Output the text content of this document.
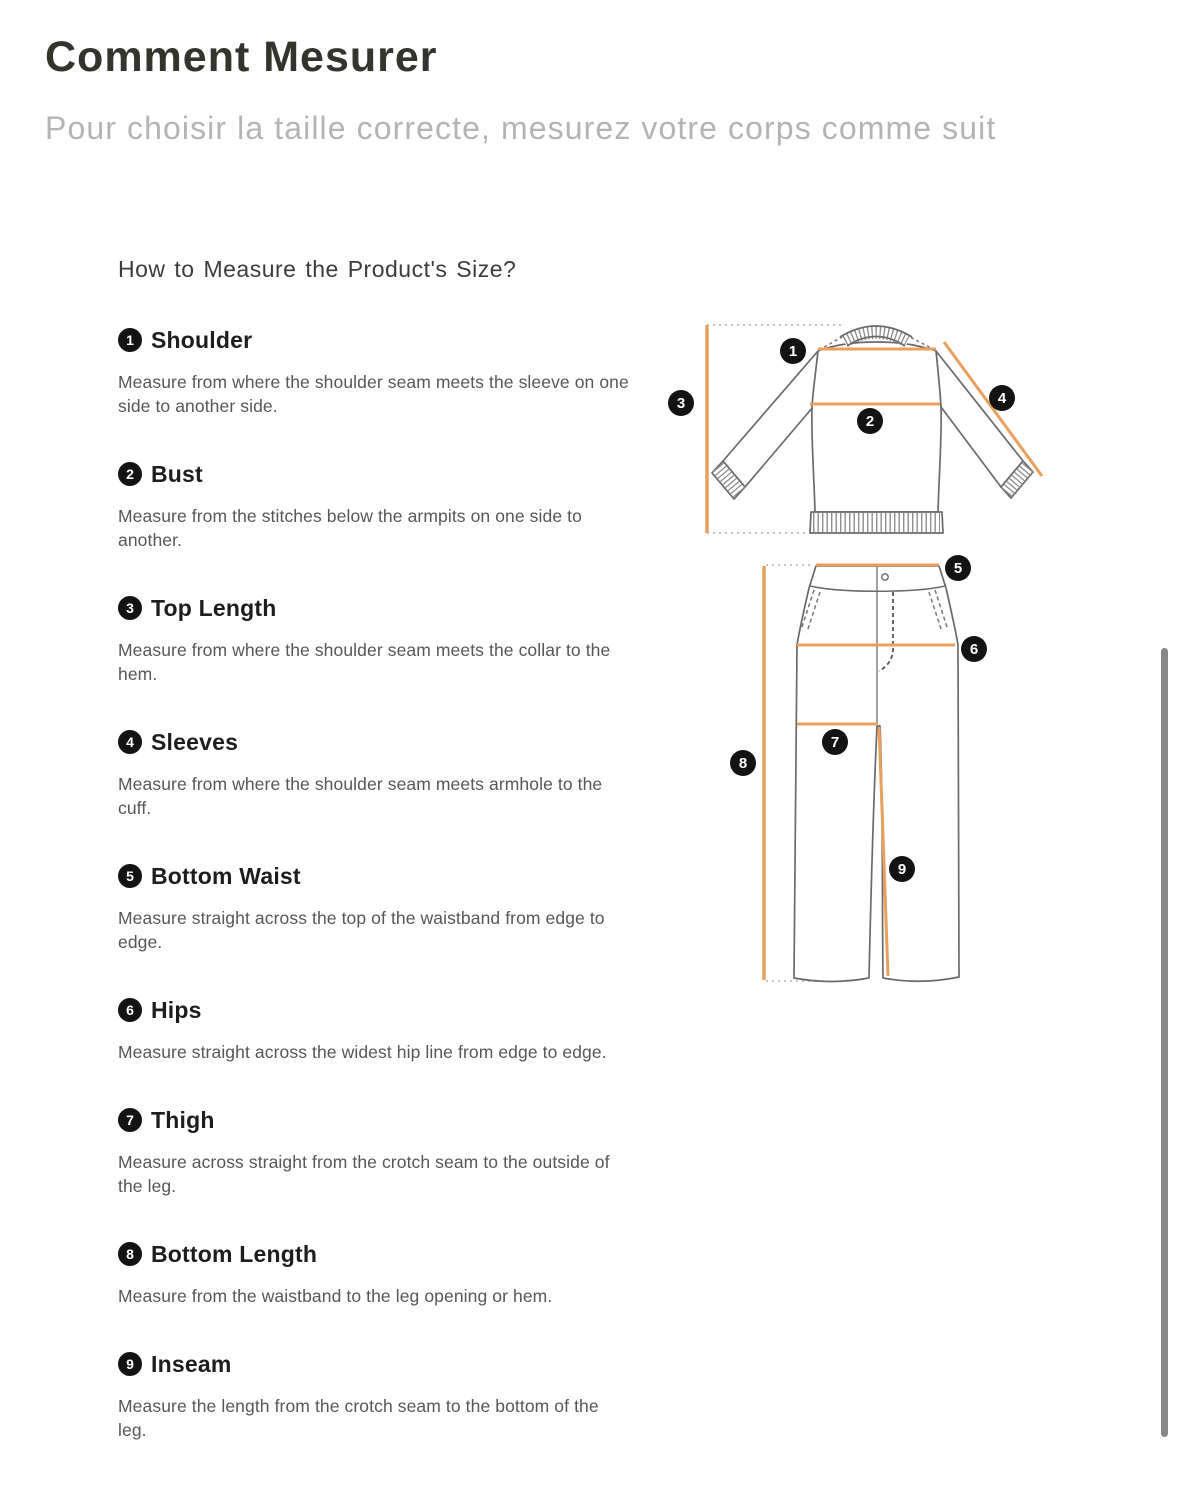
Comment Mesurer

Pour choisir la taille correcte, mesurez votre corps comme suit

How to Measure the Product's Size?
1 Shoulder

Measure from where the shoulder seam meets the sleeve on one side to another side.

2 Bust

Measure from the stitches below the armpits on one side to another.

3 Top Length

Measure from where the shoulder seam meets the collar to the hem.

4 Sleeves

Measure from where the shoulder seam meets armhole to the cuff.

5 Bottom Waist

Measure straight across the top of the waistband from edge to edge.

6 Hips

Measure straight across the widest hip line from edge to edge.

7 Thigh

Measure across straight from the crotch seam to the outside of the leg.

8 Bottom Length

Measure from the waistband to the leg opening or hem.

9 Inseam

Measure the length from the crotch seam to the bottom of the leg.

1
2
3	4
5
6
7
8
9
